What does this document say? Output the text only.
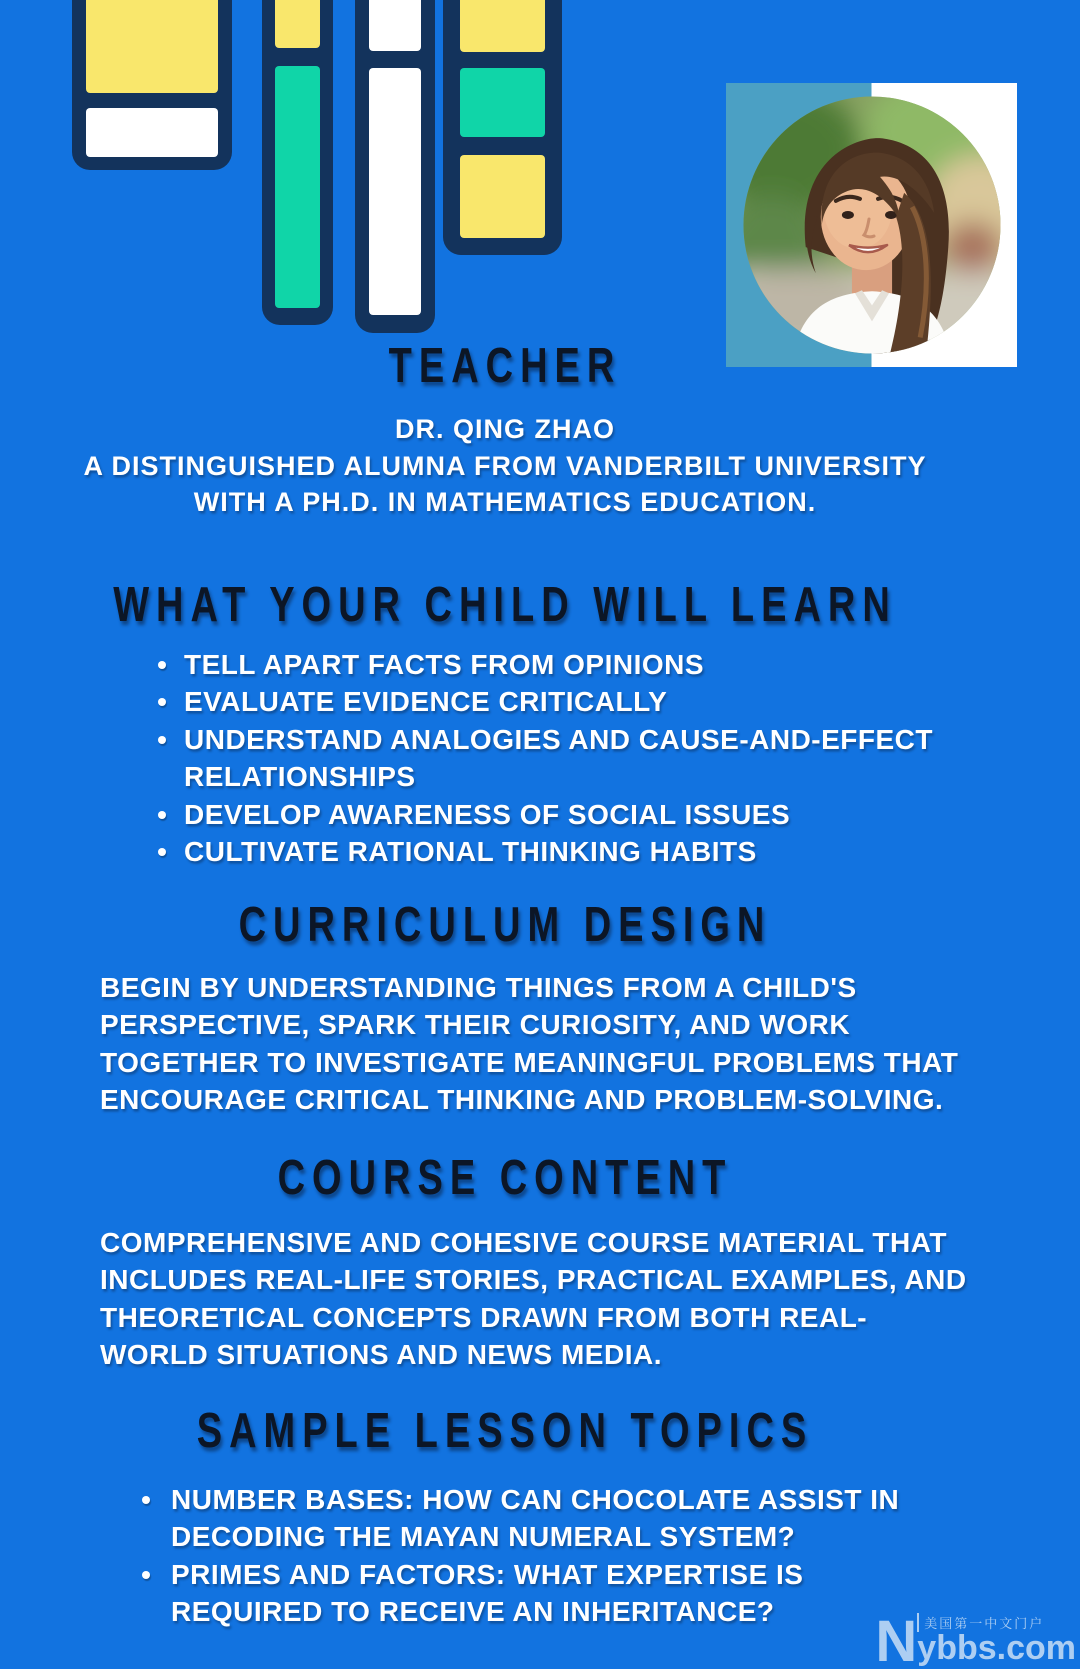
TEACHER
DR. QING ZHAO
A DISTINGUISHED ALUMNA FROM VANDERBILT UNIVERSITY
WITH A PH.D. IN MATHEMATICS EDUCATION.
WHAT YOUR CHILD WILL LEARN
TELL APART FACTS FROM OPINIONS
EVALUATE EVIDENCE CRITICALLY
UNDERSTAND ANALOGIES AND CAUSE-AND-EFFECT
RELATIONSHIPS
DEVELOP AWARENESS OF SOCIAL ISSUES
CULTIVATE RATIONAL THINKING HABITS
CURRICULUM DESIGN
BEGIN BY UNDERSTANDING THINGS FROM A CHILD'S
PERSPECTIVE, SPARK THEIR CURIOSITY, AND WORK
TOGETHER TO INVESTIGATE MEANINGFUL PROBLEMS THAT
ENCOURAGE CRITICAL THINKING AND PROBLEM-SOLVING.
COURSE CONTENT
COMPREHENSIVE AND COHESIVE COURSE MATERIAL THAT
INCLUDES REAL-LIFE STORIES, PRACTICAL EXAMPLES, AND
THEORETICAL CONCEPTS DRAWN FROM BOTH REAL-
WORLD SITUATIONS AND NEWS MEDIA.
SAMPLE LESSON TOPICS
NUMBER BASES: HOW CAN CHOCOLATE ASSIST IN
DECODING THE MAYAN NUMERAL SYSTEM?
PRIMES AND FACTORS: WHAT EXPERTISE IS
REQUIRED TO RECEIVE AN INHERITANCE?	N 美国第一中文门户
ybbs.com
